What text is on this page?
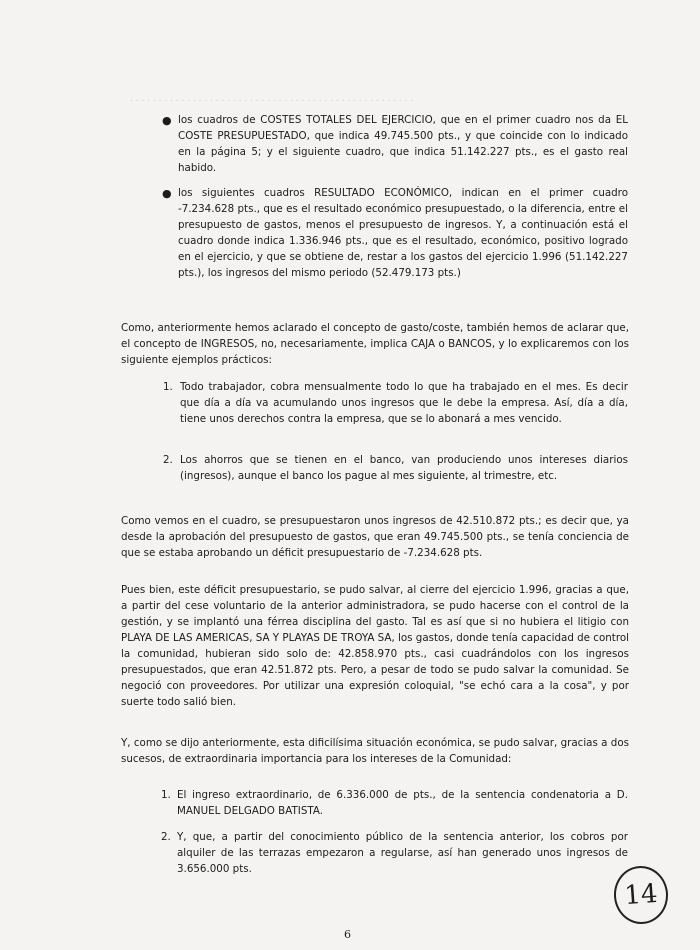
. . . . . . . . . . . . . . . . . . . . . . . . . . . . . . . . . . . . . . . . . . . . . . . . . .
● los cuadros de COSTES TOTALES DEL EJERCICIO, que en el primer cuadro nos da EL COSTE PRESUPUESTADO, que indica 49.745.500 pts., y que coincide con lo indicado en la página 5; y el siguiente cuadro, que indica 51.142.227 pts., es el gasto real habido.
● los siguientes cuadros RESULTADO ECONÓMICO, indican en el primer cuadro -7.234.628 pts., que es el resultado económico presupuestado, o la diferencia, entre el presupuesto de gastos, menos el presupuesto de ingresos. Y, a continuación está el cuadro donde indica 1.336.946 pts., que es el resultado, económico, positivo logrado en el ejercicio, y que se obtiene de, restar a los gastos del ejercicio 1.996 (51.142.227 pts.), los ingresos del mismo periodo (52.479.173 pts.)
Como, anteriormente hemos aclarado el concepto de gasto/coste, también hemos de aclarar que, el concepto de INGRESOS, no, necesariamente, implica CAJA o BANCOS, y lo explicaremos con los siguiente ejemplos prácticos:
1. Todo trabajador, cobra mensualmente todo lo que ha trabajado en el mes. Es decir que día a día va acumulando unos ingresos que le debe la empresa. Así, día a día, tiene unos derechos contra la empresa, que se lo abonará a mes vencido.
2. Los ahorros que se tienen en el banco, van produciendo unos intereses diarios (ingresos), aunque el banco los pague al mes siguiente, al trimestre, etc.
Como vemos en el cuadro, se presupuestaron unos ingresos de 42.510.872 pts.; es decir que, ya desde la aprobación del presupuesto de gastos, que eran 49.745.500 pts., se tenía conciencia de que se estaba aprobando un déficit presupuestario de -7.234.628 pts.
Pues bien, este déficit presupuestario, se pudo salvar, al cierre del ejercicio 1.996, gracias a que, a partir del cese voluntario de la anterior administradora, se pudo hacerse con el control de la gestión, y se implantó una férrea disciplina del gasto. Tal es así que si no hubiera el litigio con PLAYA DE LAS AMERICAS, SA Y PLAYAS DE TROYA SA, los gastos, donde tenía capacidad de control la comunidad, hubieran sido solo de: 42.858.970 pts., casi cuadrándolos con los ingresos presupuestados, que eran 42.51.872 pts. Pero, a pesar de todo se pudo salvar la comunidad. Se negoció con proveedores. Por utilizar una expresión coloquial, "se echó cara a la cosa", y por suerte todo salió bien.
Y, como se dijo anteriormente, esta dificilísima situación económica, se pudo salvar, gracias a dos sucesos, de extraordinaria importancia para los intereses de la Comunidad:
1. El ingreso extraordinario, de 6.336.000 de pts., de la sentencia condenatoria a D. MANUEL DELGADO BATISTA.
2. Y, que, a partir del conocimiento público de la sentencia anterior, los cobros por alquiler de las terrazas empezaron a regularse, así han generado unos ingresos de 3.656.000 pts.
14
6
